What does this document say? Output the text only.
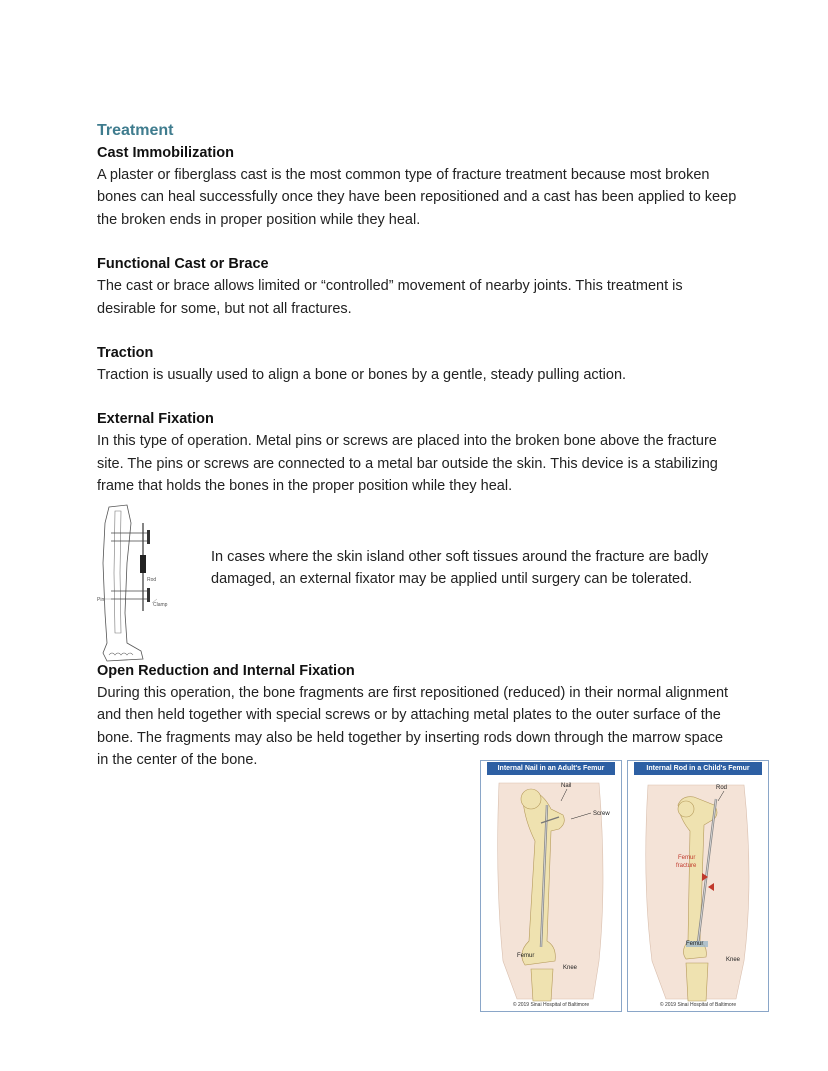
Treatment

Cast Immobilization

A plaster or fiberglass cast is the most common type of fracture treatment because most broken bones can heal successfully once they have been repositioned and a cast has been applied to keep the broken ends in proper position while they heal.

Functional Cast or Brace

The cast or brace allows limited or “controlled” movement of nearby joints. This treatment is desirable for some, but not all fractures.

Traction

Traction is usually used to align a bone or bones by a gentle, steady pulling action.

External Fixation

In this type of operation. Metal pins or screws are placed into the broken bone above the fracture site. The pins or screws are connected to a metal bar outside the skin. This device is a stabilizing frame that holds the bones in the proper position while they heal.

Rod
Pin
Clamp

In cases where the skin island other soft tissues around the fracture are badly damaged, an external fixator may be applied until surgery can be tolerated.

Open Reduction and Internal Fixation

During this operation, the bone fragments are first repositioned (reduced) in their normal alignment and then held together with special screws or by attaching metal plates to the outer surface of the bone. The fragments may also be held together by inserting rods down through the marrow space in the center of the bone.

Nail
Screw
Femur
Knee
Internal Nail in an Adult's Femur
© 2019 Sinai Hospital of Baltimore
Rod
Femur
fracture
Femur
Knee
Internal Rod in a Child's Femur
© 2019 Sinai Hospital of Baltimore
